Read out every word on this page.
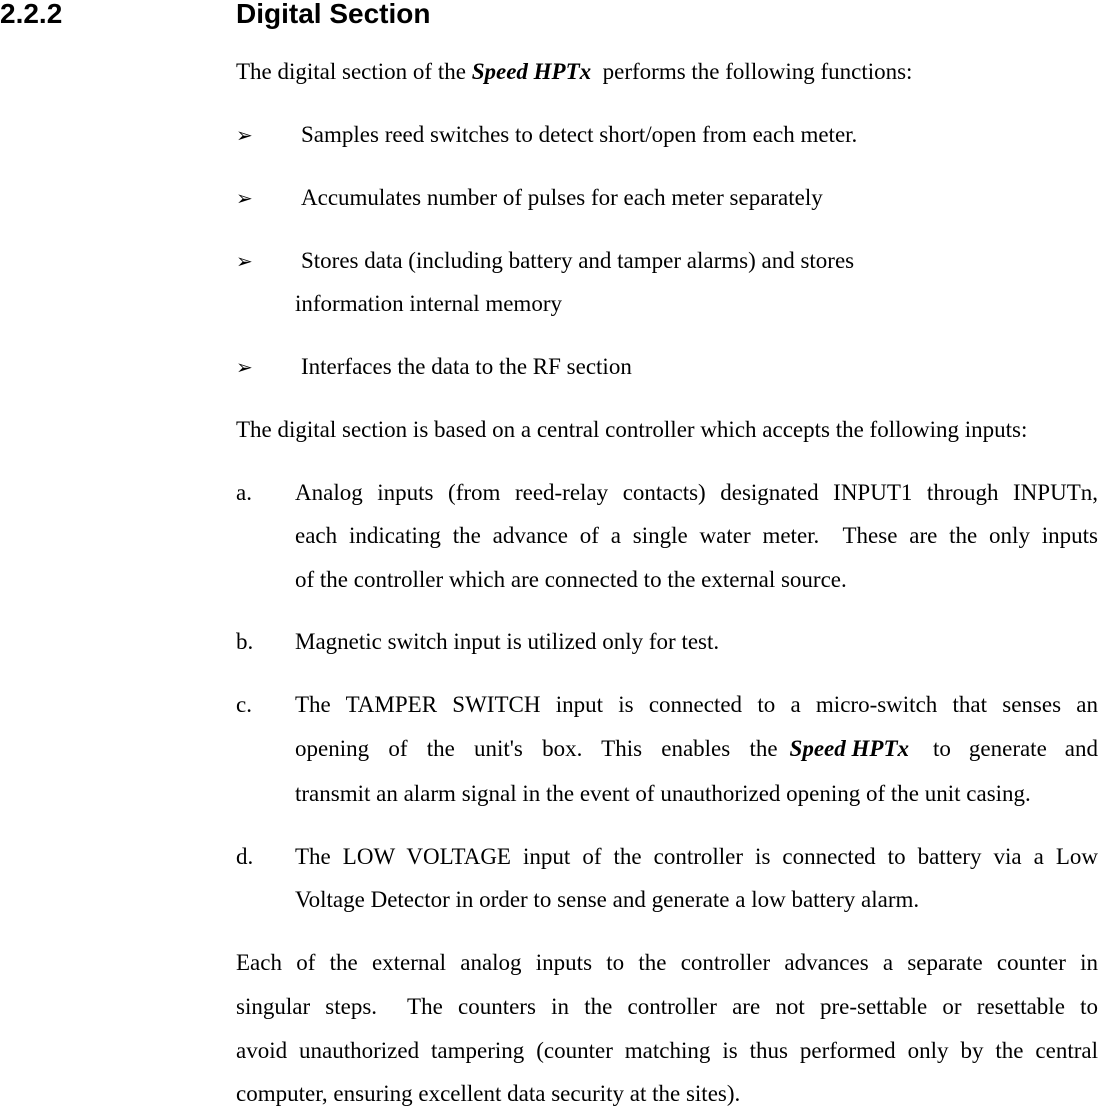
2.2.2	Digital Section
The digital section of the Speed HPTx  performs the following functions:
➢ Samples reed switches to detect short/open from each meter.
➢ Accumulates number of pulses for each meter separately
➢ Stores data (including battery and tamper alarms) and stores
information internal memory
➢ Interfaces the data to the RF section
The digital section is based on a central controller which accepts the following inputs:
a. Analog inputs (from reed-relay contacts) designated INPUT1 through INPUTn,
each indicating the advance of a single water meter.  These are the only inputs
of the controller which are connected to the external source.
b. Magnetic switch input is utilized only for test.
c. The TAMPER SWITCH input is connected to a micro-switch that senses an
opening of the unit's box. This enables the Speed HPTx to generate and
transmit an alarm signal in the event of unauthorized opening of the unit casing.
d. The LOW VOLTAGE input of the controller is connected to battery via a Low
Voltage Detector in order to sense and generate a low battery alarm.
Each of the external analog inputs to the controller advances a separate counter in
singular steps.  The counters in the controller are not pre-settable or resettable to
avoid unauthorized tampering (counter matching is thus performed only by the central
computer, ensuring excellent data security at the sites).
